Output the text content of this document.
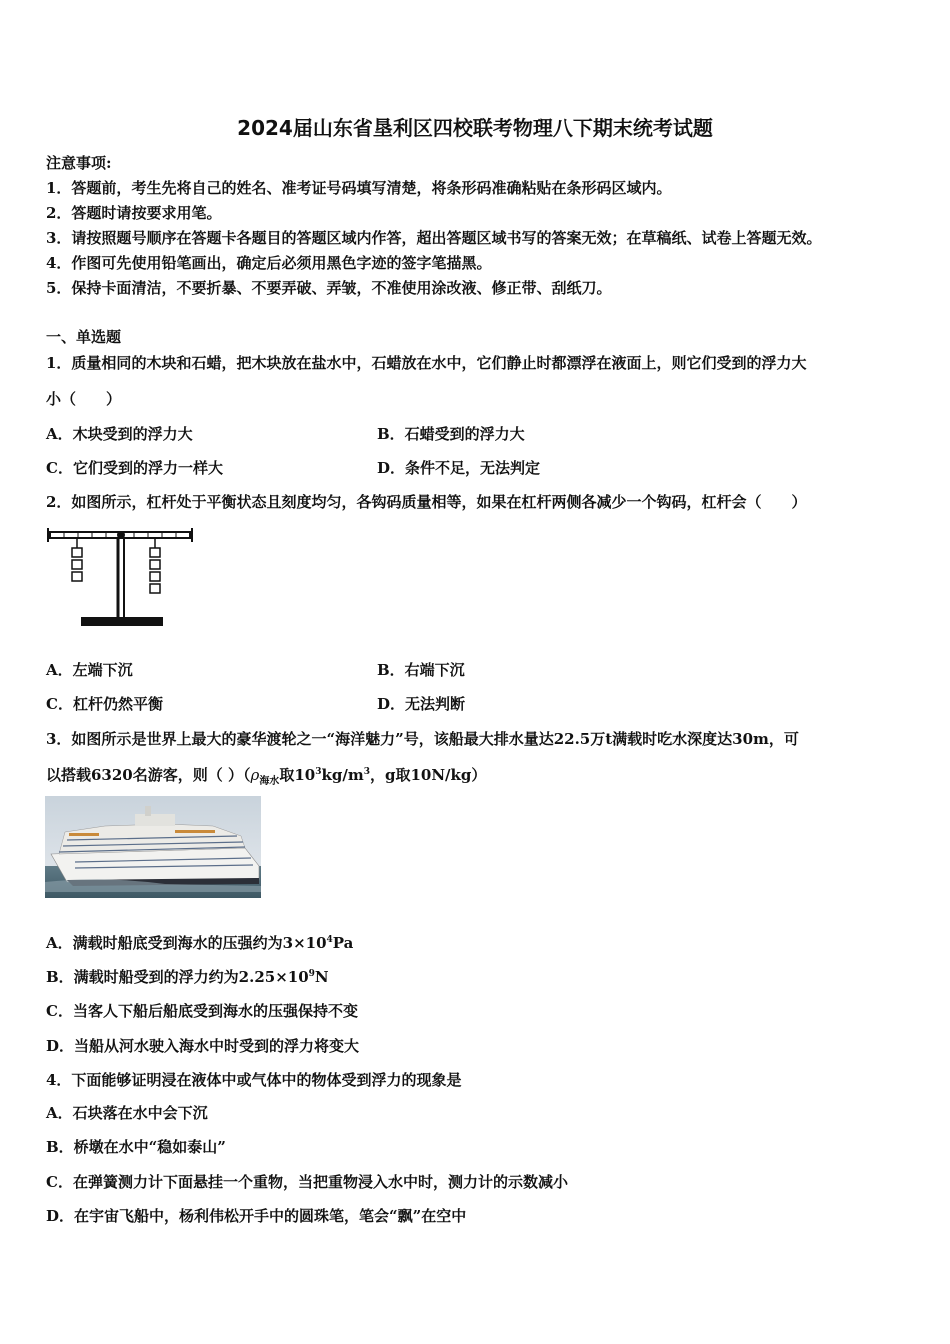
2024届山东省垦利区四校联考物理八下期末统考试题
注意事项:
1．答题前，考生先将自己的姓名、准考证号码填写清楚，将条形码准确粘贴在条形码区域内。
2．答题时请按要求用笔。
3．请按照题号顺序在答题卡各题目的答题区域内作答，超出答题区域书写的答案无效；在草稿纸、试卷上答题无效。
4．作图可先使用铅笔画出，确定后必须用黑色字迹的签字笔描黑。
5．保持卡面清洁，不要折暴、不要弄破、弄皱，不准使用涂改液、修正带、刮纸刀。
一、单选题
1．质量相同的木块和石蜡，把木块放在盐水中，石蜡放在水中，它们静止时都漂浮在液面上，则它们受到的浮力大
小（　　）
A．木块受到的浮力大	B．石蜡受到的浮力大
C．它们受到的浮力一样大	D．条件不足，无法判定
2．如图所示，杠杆处于平衡状态且刻度均匀，各钩码质量相等，如果在杠杆两侧各减少一个钩码，杠杆会（　　）
A．左端下沉	B．右端下沉
C．杠杆仍然平衡	D．无法判断
3．如图所示是世界上最大的豪华渡轮之一“海洋魅力”号，该船最大排水量达22.5万t满载时吃水深度达30m，可
以搭载6320名游客，则（ ）（$\rho_{海水}$取$10^3kg/m^3$，g取10N/kg）
A．满载时船底受到海水的压强约为$3\times 10^4Pa$
B．满载时船受到的浮力约为$2.25\times 10^9N$
C．当客人下船后船底受到海水的压强保持不变
D．当船从河水驶入海水中时受到的浮力将变大
4．下面能够证明浸在液体中或气体中的物体受到浮力的现象是
A．石块落在水中会下沉
B．桥墩在水中“稳如泰山”
C．在弹簧测力计下面悬挂一个重物，当把重物浸入水中时，测力计的示数减小
D．在宇宙飞船中，杨利伟松开手中的圆珠笔，笔会“飘”在空中
